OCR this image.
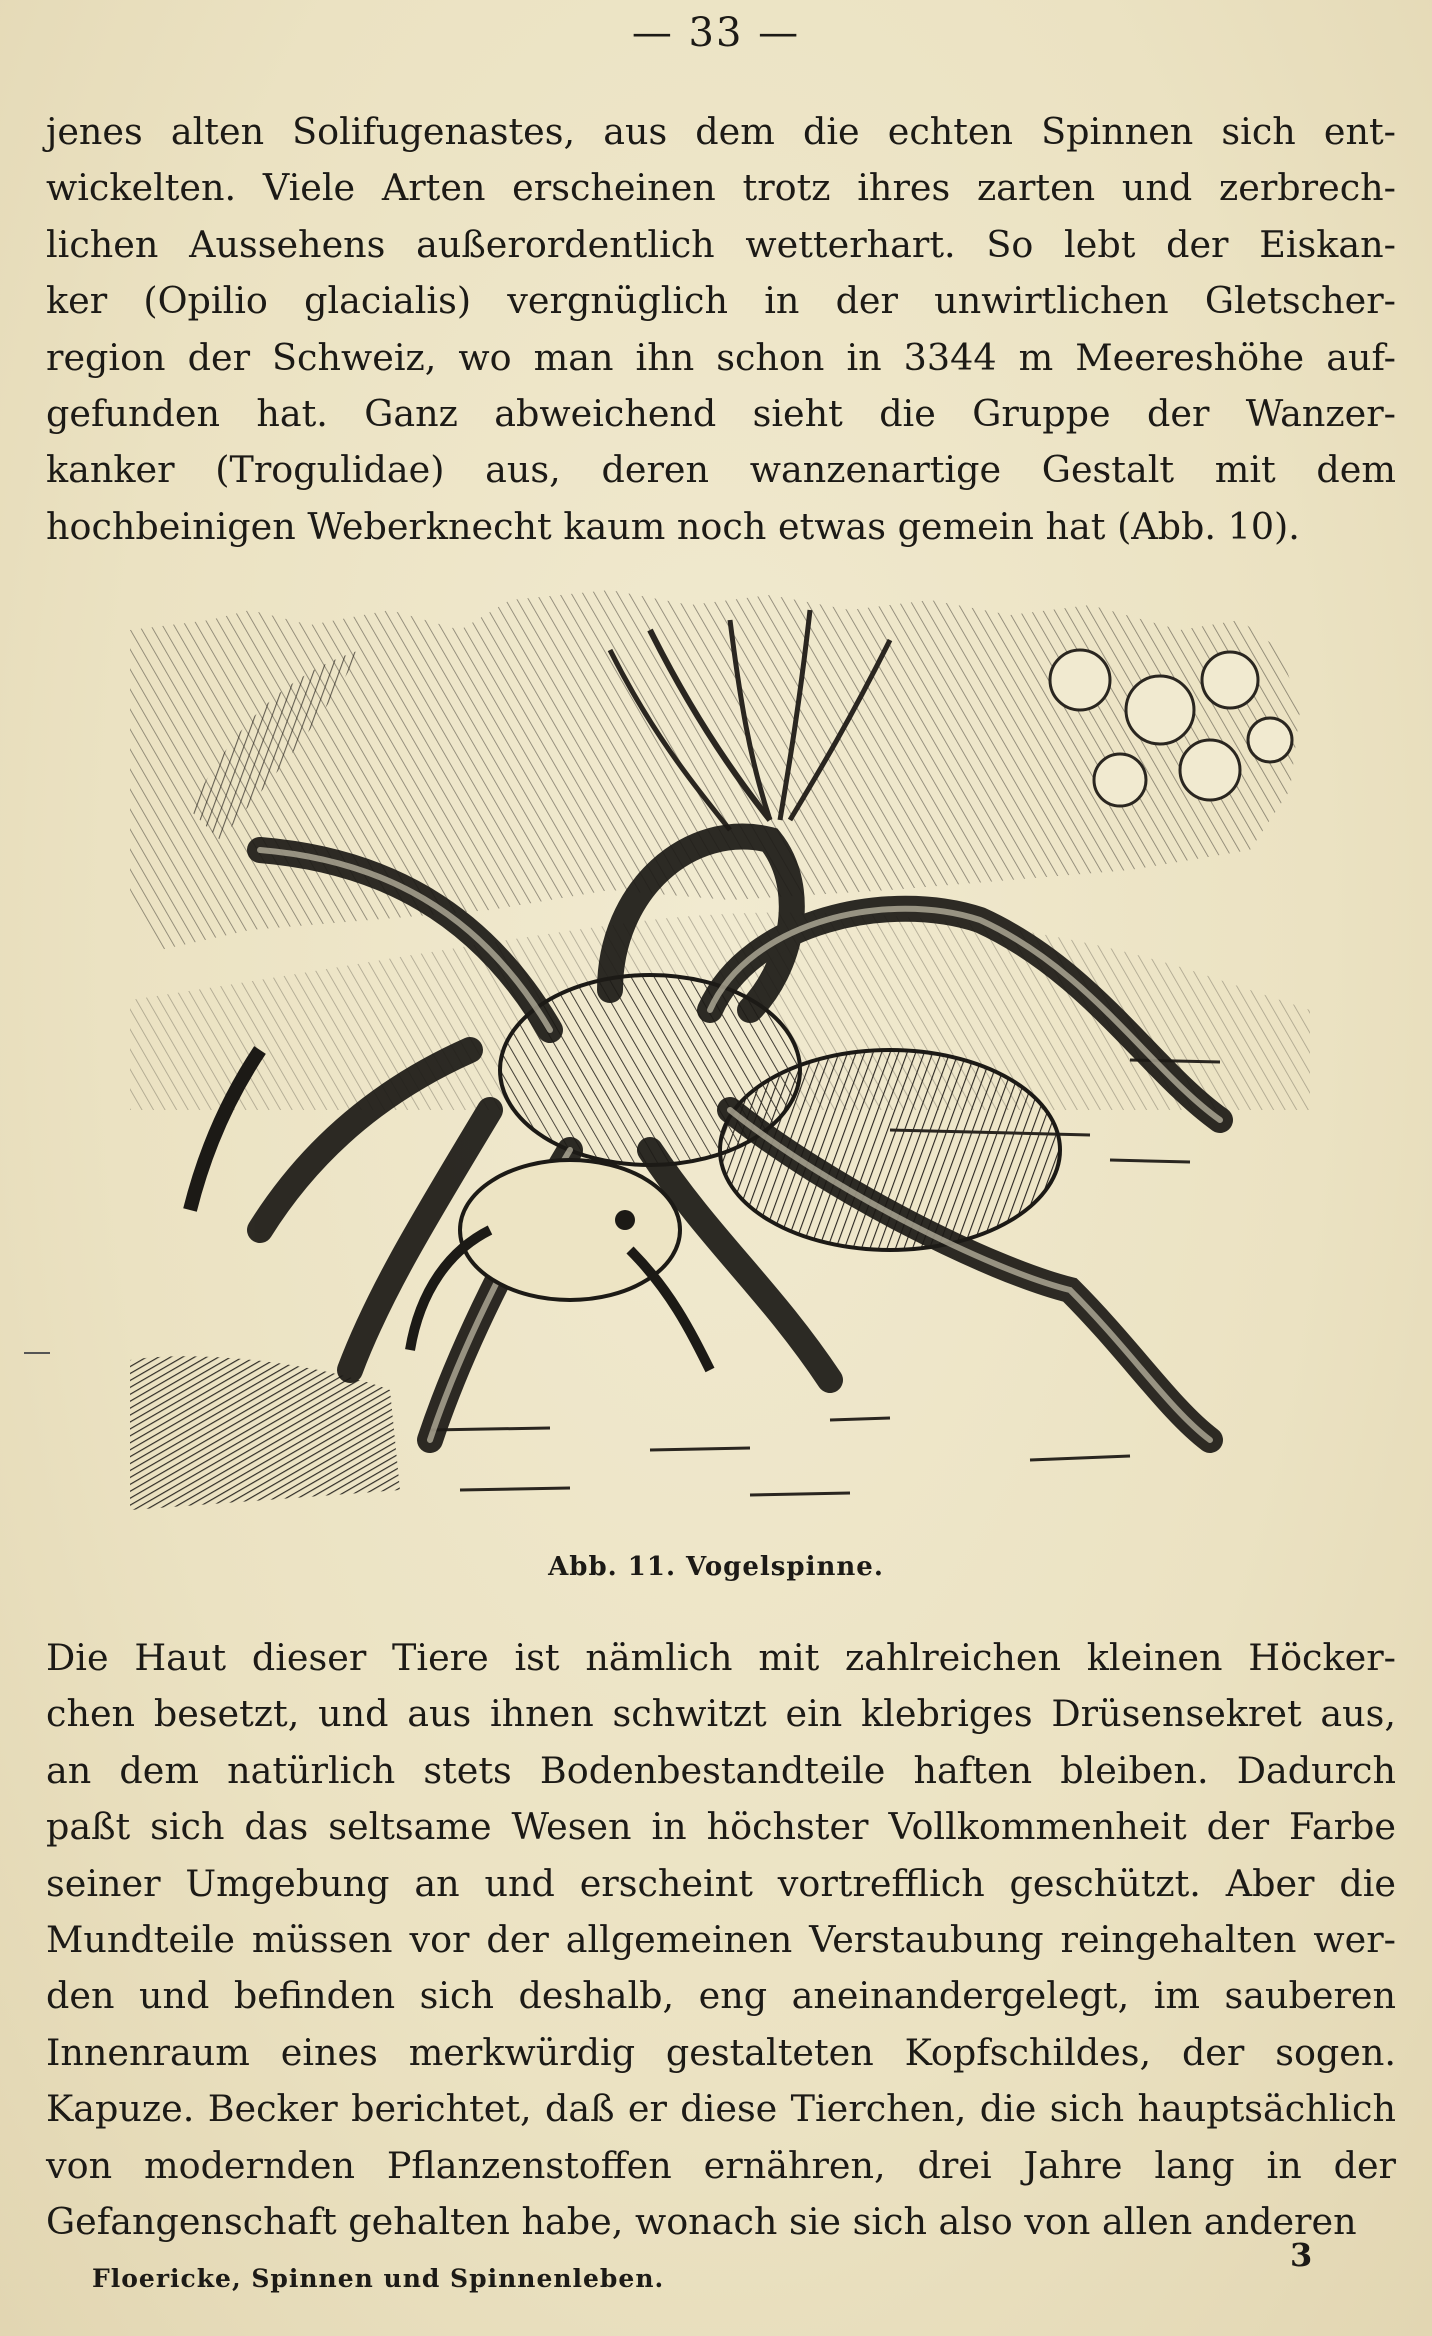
— 33 —
jenes alten Solifugenastes, aus dem die echten Spinnen sich ent-
wickelten. Viele Arten erscheinen trotz ihres zarten und zerbrech-
lichen Aussehens außerordentlich wetterhart. So lebt der Eiskan-
ker (Opilio glacialis) vergnüglich in der unwirtlichen Gletscher-
region der Schweiz, wo man ihn schon in 3344 m Meereshöhe auf-
gefunden hat. Ganz abweichend sieht die Gruppe der Wanzer-
kanker (Trogulidae) aus, deren wanzenartige Gestalt mit dem
hochbeinigen Weberknecht kaum noch etwas gemein hat (Abb. 10).
Abb. 11. Vogelspinne.
Die Haut dieser Tiere ist nämlich mit zahlreichen kleinen Höcker-
chen besetzt, und aus ihnen schwitzt ein klebriges Drüsensekret aus,
an dem natürlich stets Bodenbestandteile haften bleiben. Dadurch
paßt sich das seltsame Wesen in höchster Vollkommenheit der Farbe
seiner Umgebung an und erscheint vortrefflich geschützt. Aber die
Mundteile müssen vor der allgemeinen Verstaubung reingehalten wer-
den und befinden sich deshalb, eng aneinandergelegt, im sauberen
Innenraum eines merkwürdig gestalteten Kopfschildes, der sogen.
Kapuze. Becker berichtet, daß er diese Tierchen, die sich hauptsächlich
von modernden Pflanzenstoffen ernähren, drei Jahre lang in der
Gefangenschaft gehalten habe, wonach sie sich also von allen anderen
Floericke, Spinnen und Spinnenleben.
3
